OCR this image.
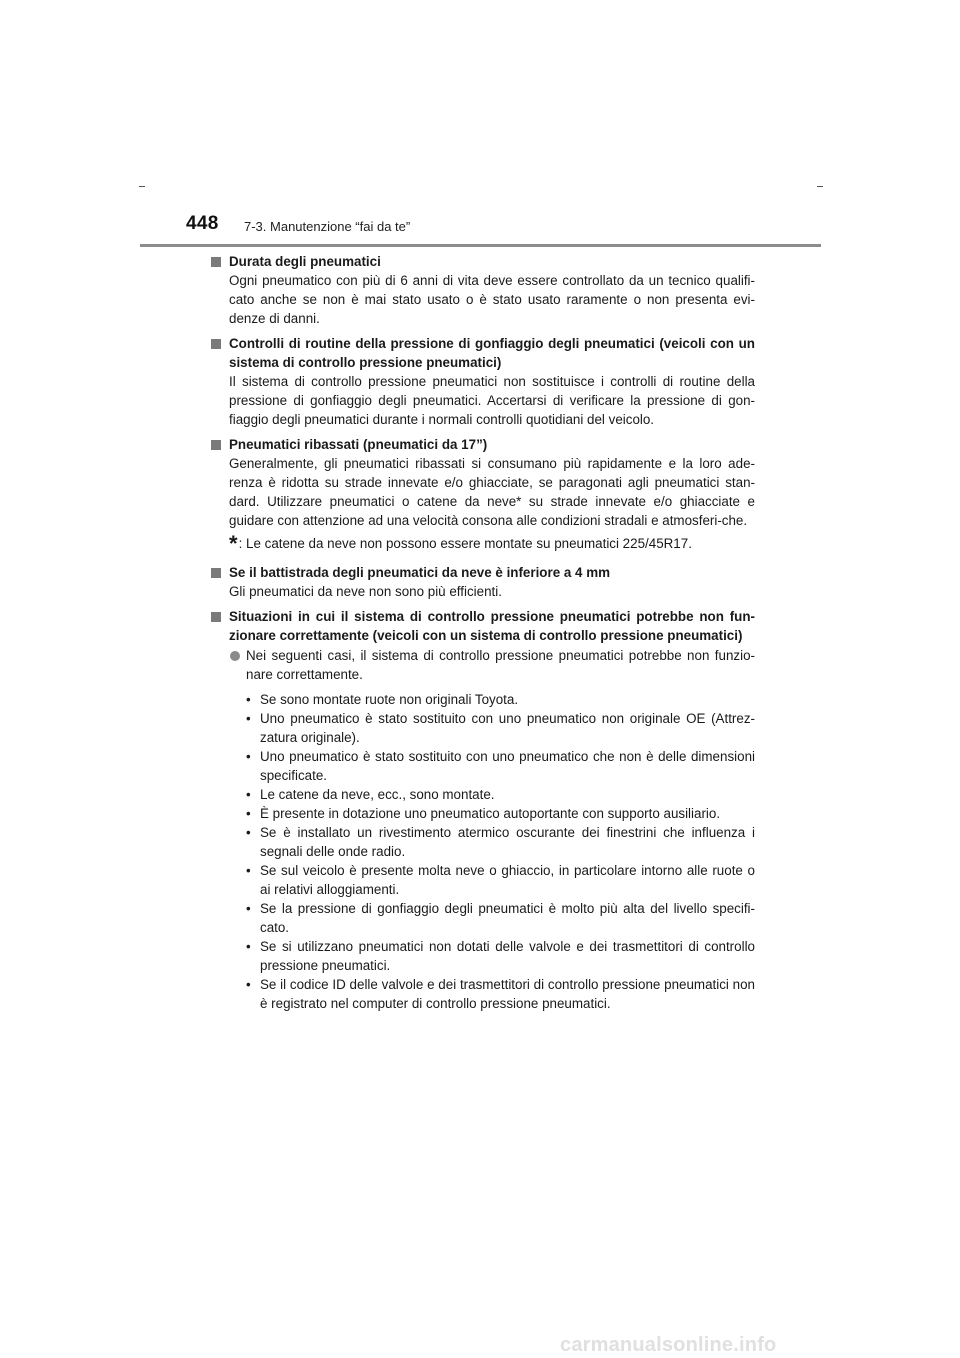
448 7-3. Manutenzione “fai da te”
Durata degli pneumatici
Ogni pneumatico con più di 6 anni di vita deve essere controllato da un tecnico qualifi-cato anche se non è mai stato usato o è stato usato raramente o non presenta evi-denze di danni.
Controlli di routine della pressione di gonfiaggio degli pneumatici (veicoli con un sistema di controllo pressione pneumatici)
Il sistema di controllo pressione pneumatici non sostituisce i controlli di routine della pressione di gonfiaggio degli pneumatici. Accertarsi di verificare la pressione di gon-fiaggio degli pneumatici durante i normali controlli quotidiani del veicolo.
Pneumatici ribassati (pneumatici da 17”)
Generalmente, gli pneumatici ribassati si consumano più rapidamente e la loro ade-renza è ridotta su strade innevate e/o ghiacciate, se paragonati agli pneumatici stan-dard. Utilizzare pneumatici o catene da neve* su strade innevate e/o ghiacciate e guidare con attenzione ad una velocità consona alle condizioni stradali e atmosferi-che.
*: Le catene da neve non possono essere montate su pneumatici 225/45R17.
Se il battistrada degli pneumatici da neve è inferiore a 4 mm
Gli pneumatici da neve non sono più efficienti.
Situazioni in cui il sistema di controllo pressione pneumatici potrebbe non fun-zionare correttamente (veicoli con un sistema di controllo pressione pneumatici)
Nei seguenti casi, il sistema di controllo pressione pneumatici potrebbe non funzio-nare correttamente.
• Se sono montate ruote non originali Toyota.
• Uno pneumatico è stato sostituito con uno pneumatico non originale OE (Attrez-zatura originale).
• Uno pneumatico è stato sostituito con uno pneumatico che non è delle dimensioni specificate.
• Le catene da neve, ecc., sono montate.
• È presente in dotazione uno pneumatico autoportante con supporto ausiliario.
• Se è installato un rivestimento atermico oscurante dei finestrini che influenza i segnali delle onde radio.
• Se sul veicolo è presente molta neve o ghiaccio, in particolare intorno alle ruote o ai relativi alloggiamenti.
• Se la pressione di gonfiaggio degli pneumatici è molto più alta del livello specifi-cato.
• Se si utilizzano pneumatici non dotati delle valvole e dei trasmettitori di controllo pressione pneumatici.
• Se il codice ID delle valvole e dei trasmettitori di controllo pressione pneumatici non è registrato nel computer di controllo pressione pneumatici.
carmanualsonline.info
